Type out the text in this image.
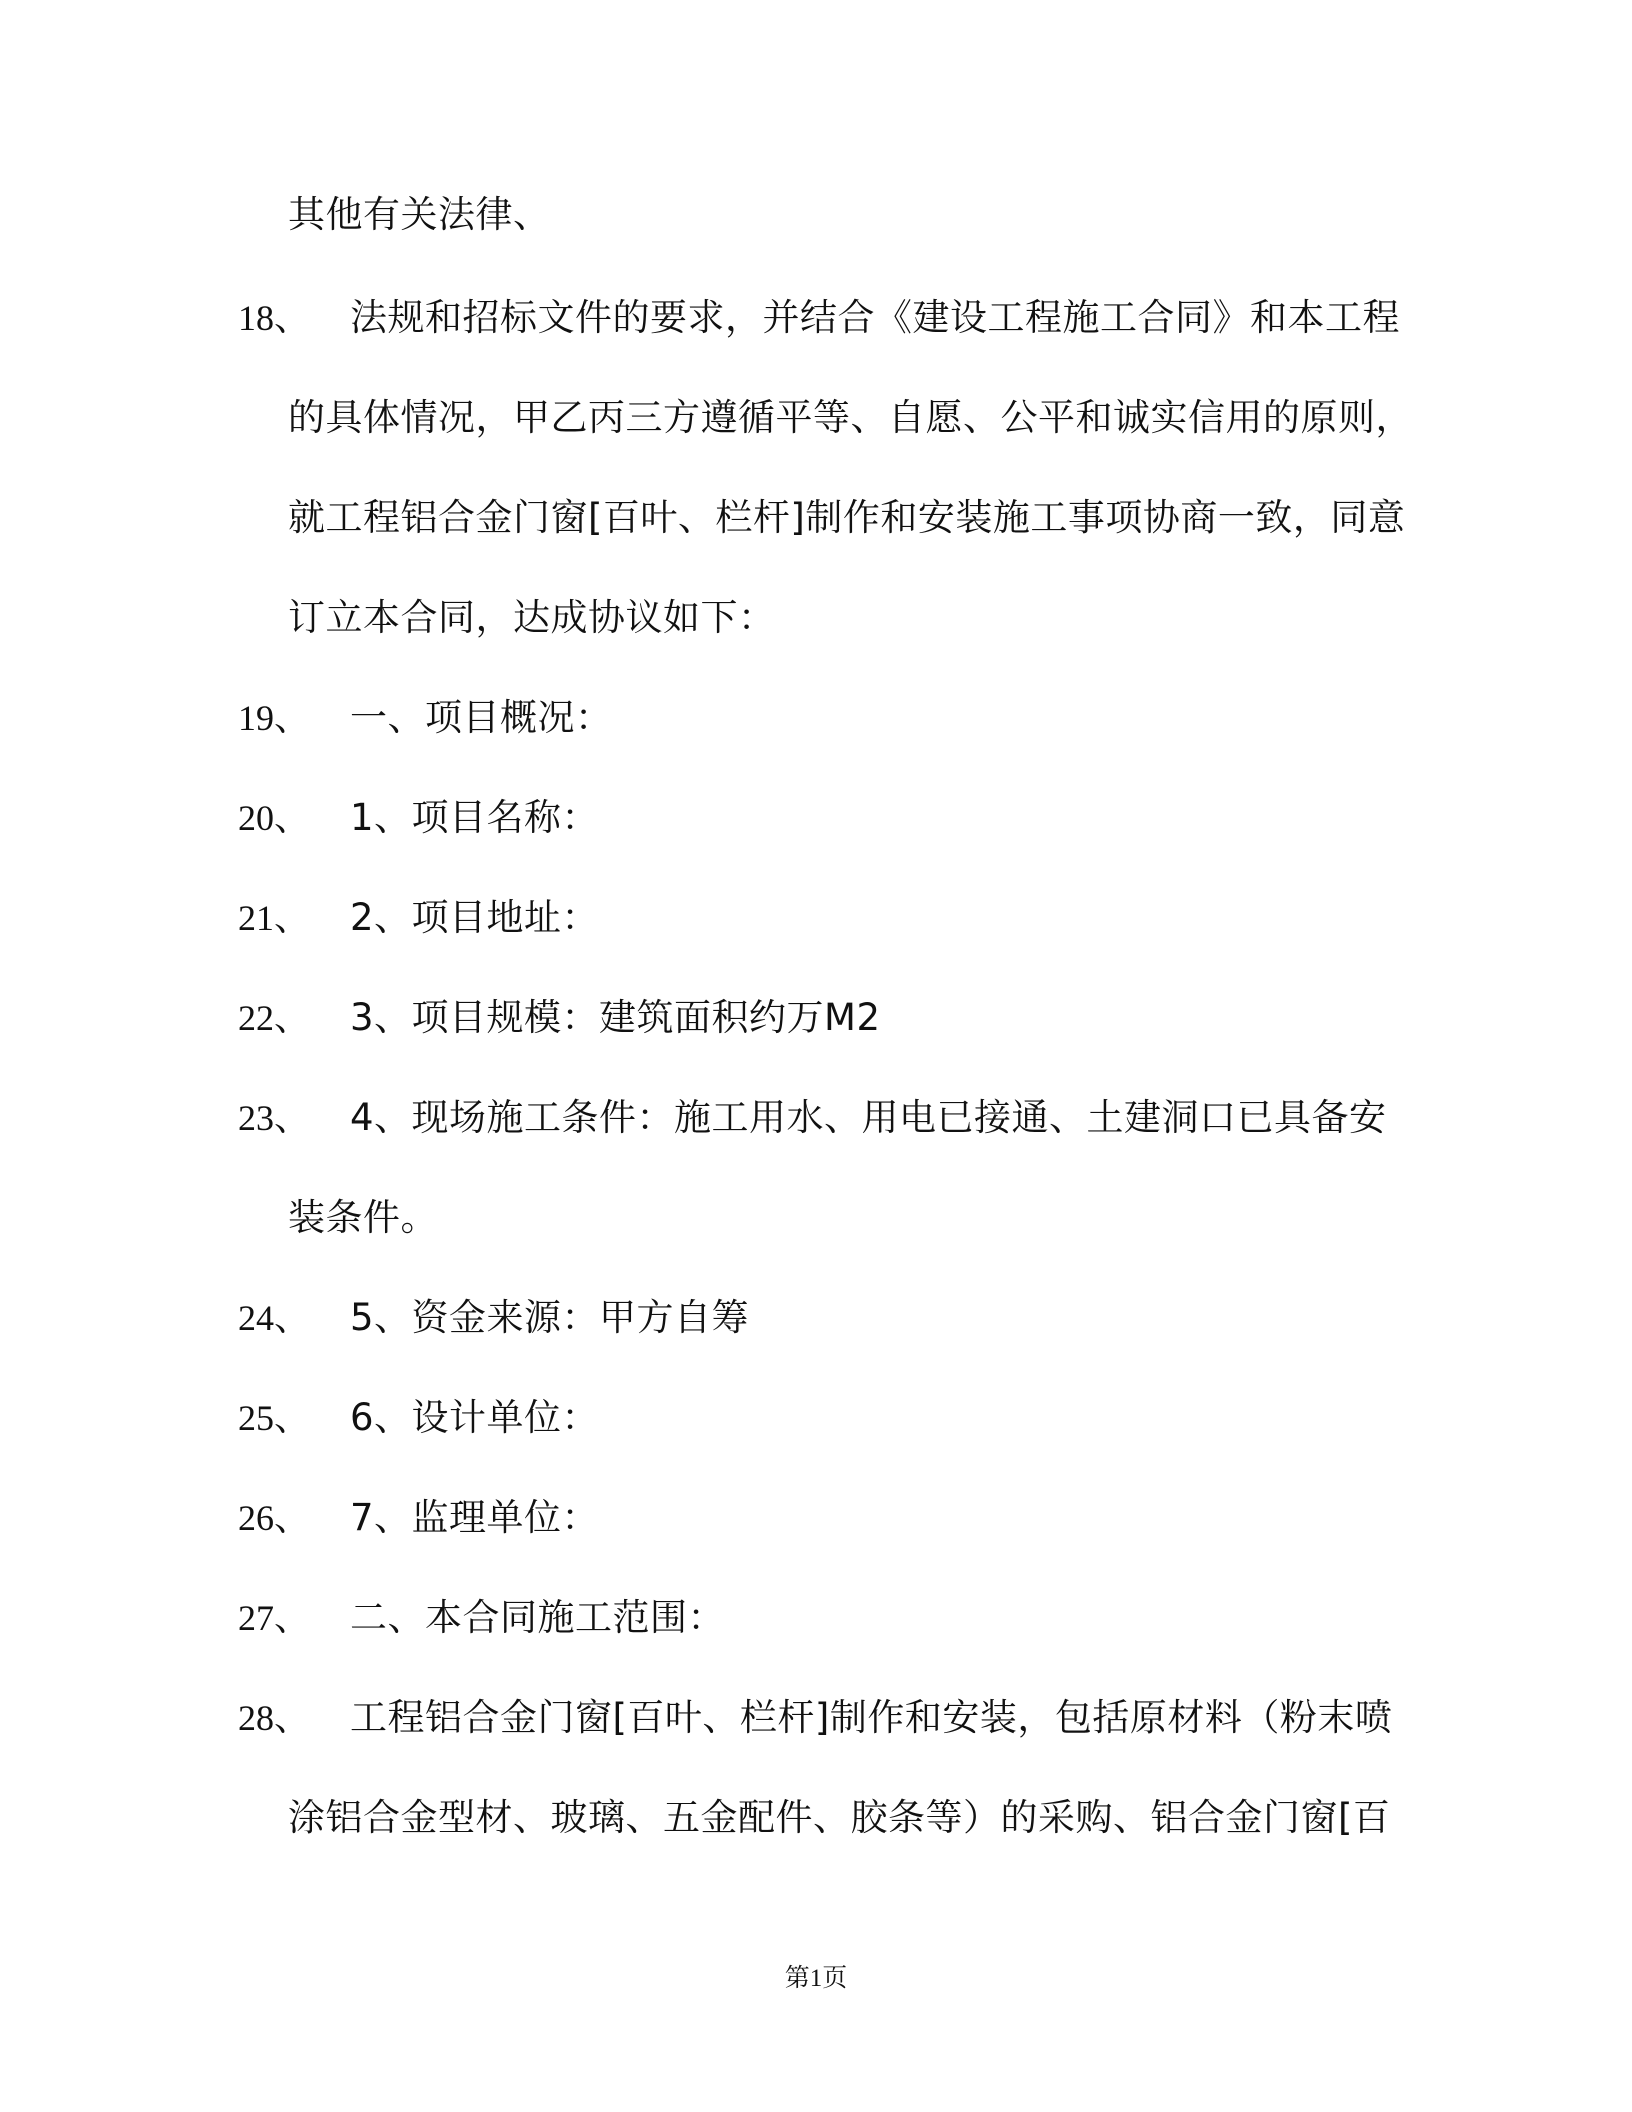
其他有关法律、
18、 法规和招标文件的要求，并结合《建设工程施工合同》和本工程
的具体情况，甲乙丙三方遵循平等、自愿、公平和诚实信用的原则，
就工程铝合金门窗[百叶、栏杆]制作和安装施工事项协商一致，同意
订立本合同，达成协议如下：
19、 一、项目概况：
20、 1、项目名称：
21、 2、项目地址：
22、 3、项目规模：建筑面积约万M2
23、 4、现场施工条件：施工用水、用电已接通、土建洞口已具备安
装条件。
24、 5、资金来源：甲方自筹
25、 6、设计单位：
26、 7、监理单位：
27、 二、本合同施工范围：
28、 工程铝合金门窗[百叶、栏杆]制作和安装，包括原材料（粉末喷
涂铝合金型材、玻璃、五金配件、胶条等）的采购、铝合金门窗[百
第1页
